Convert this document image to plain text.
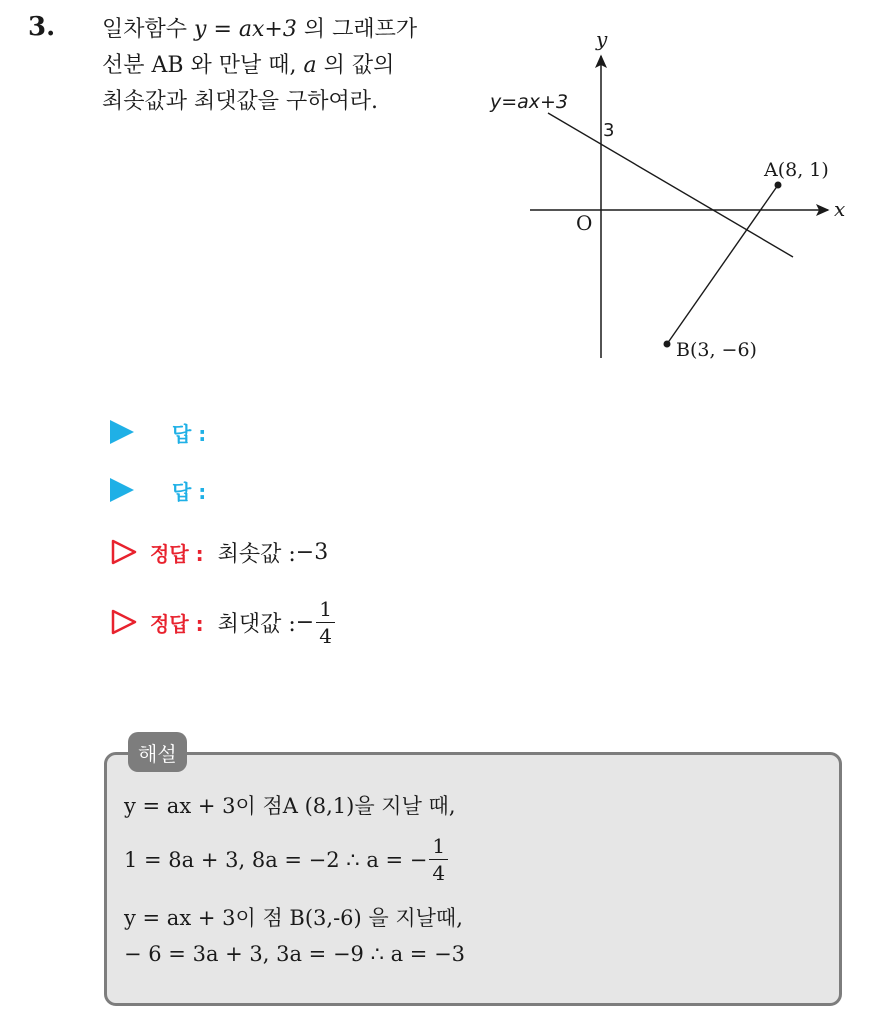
3. 일차함수 y = ax+3 의 그래프가
선분 AB 와 만날 때, a 의 값의
최솟값과 최댓값을 구하여라.
y
x
O
y=ax+3
3
A(8, 1)
B(3, −6)
답 :
답 :
정답 : 최솟값 : −3
정답 : 최댓값 : − $\frac{1}{4}$
해설
y = ax + 3이 점A (8,1)을 지날 때,
1 = 8a + 3, 8a = −2 ∴ a = − $\frac{1}{4}$
y = ax + 3이 점 B(3,-6) 을 지날때,
− 6 = 3a + 3, 3a = −9 ∴ a = −3
